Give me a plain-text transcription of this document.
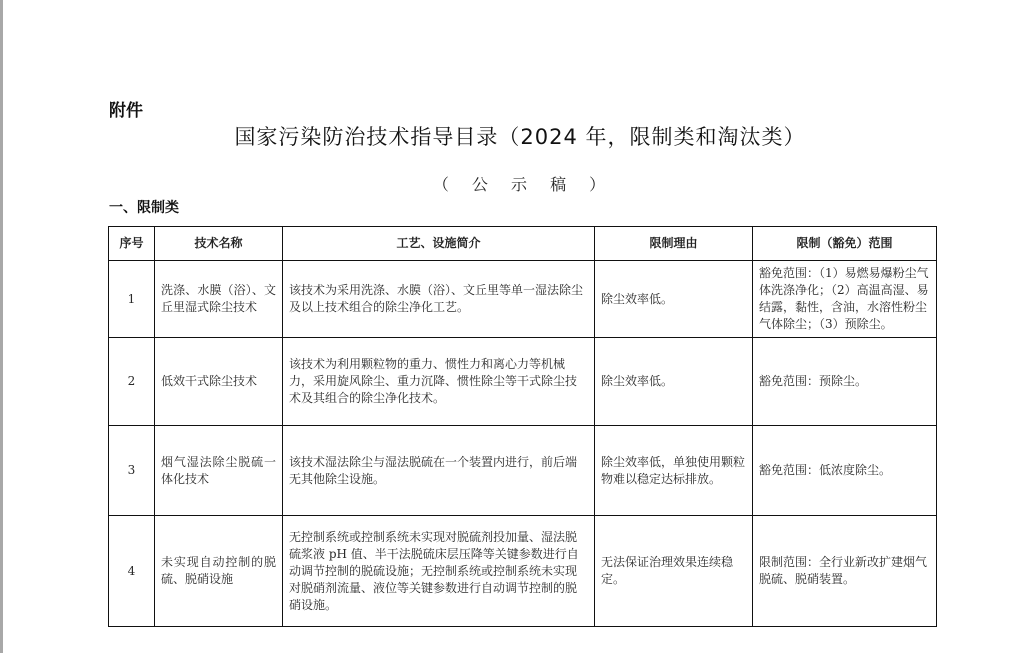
附件
国家污染防治技术指导目录（2024 年，限制类和淘汰类）
（ 公 示 稿 ）
一、限制类
序号	技术名称	工艺、设施简介	限制理由	限制（豁免）范围
1	洗涤、水膜（浴）、文丘里湿式除尘技术	该技术为采用洗涤、水膜（浴）、文丘里等单一湿法除尘及以上技术组合的除尘净化工艺。	除尘效率低。	豁免范围：（1）易燃易爆粉尘气体洗涤净化；（2）高温高湿、易结露，黏性，含油，水溶性粉尘气体除尘；（3）预除尘。
2	低效干式除尘技术	该技术为利用颗粒物的重力、惯性力和离心力等机械力，采用旋风除尘、重力沉降、惯性除尘等干式除尘技术及其组合的除尘净化技术。	除尘效率低。	豁免范围：预除尘。
3	烟气湿法除尘脱硫一体化技术	该技术湿法除尘与湿法脱硫在一个装置内进行，前后端无其他除尘设施。	除尘效率低，单独使用颗粒物难以稳定达标排放。	豁免范围：低浓度除尘。
4	未实现自动控制的脱硫、脱硝设施	无控制系统或控制系统未实现对脱硫剂投加量、湿法脱硫浆液 pH 值、半干法脱硫床层压降等关键参数进行自动调节控制的脱硫设施；无控制系统或控制系统未实现对脱硝剂流量、液位等关键参数进行自动调节控制的脱硝设施。	无法保证治理效果连续稳定。	限制范围：全行业新改扩建烟气脱硫、脱硝装置。
